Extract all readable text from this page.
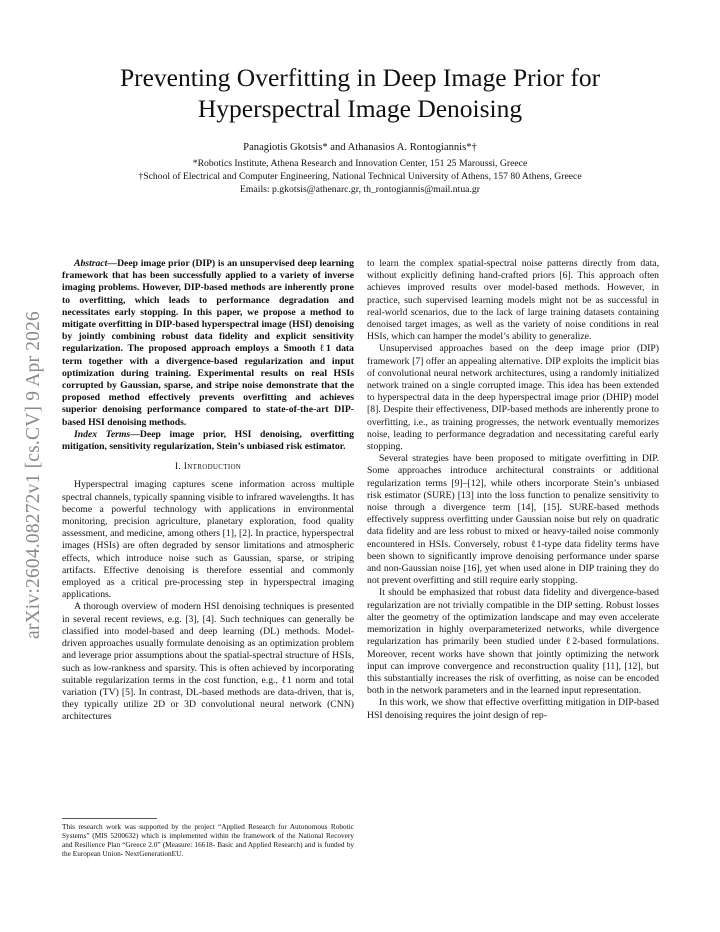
arXiv:2604.08272v1 [cs.CV] 9 Apr 2026
Preventing Overfitting in Deep Image Prior for
Hyperspectral Image Denoising
Panagiotis Gkotsis* and Athanasios A. Rontogiannis*†
*Robotics Institute, Athena Research and Innovation Center, 151 25 Maroussi, Greece
†School of Electrical and Computer Engineering, National Technical University of Athens, 157 80 Athens, Greece
Emails: p.gkotsis@athenarc.gr, th_rontogiannis@mail.ntua.gr

Abstract—Deep image prior (DIP) is an unsupervised deep learning framework that has been successfully applied to a variety of inverse imaging problems. However, DIP-based methods are inherently prone to overfitting, which leads to performance degradation and necessitates early stopping. In this paper, we propose a method to mitigate overfitting in DIP-based hyperspectral image (HSI) denoising by jointly combining robust data fidelity and explicit sensitivity regularization. The proposed approach employs a Smooth ℓ1 data term together with a divergence-based regularization and input optimization during training. Experimental results on real HSIs corrupted by Gaussian, sparse, and stripe noise demonstrate that the proposed method effectively prevents overfitting and achieves superior denoising performance compared to state-of-the-art DIP-based HSI denoising methods.

Index Terms—Deep image prior, HSI denoising, overfitting mitigation, sensitivity regularization, Stein’s unbiased risk estimator.

I. Introduction

Hyperspectral imaging captures scene information across multiple spectral channels, typically spanning visible to infrared wavelengths. It has become a powerful technology with applications in environmental monitoring, precision agriculture, planetary exploration, food quality assessment, and medicine, among others [1], [2]. In practice, hyperspectral images (HSIs) are often degraded by sensor limitations and atmospheric effects, which introduce noise such as Gaussian, sparse, or striping artifacts. Effective denoising is therefore essential and commonly employed as a critical pre-processing step in hyperspectral imaging applications.

A thorough overview of modern HSI denoising techniques is presented in several recent reviews, e.g. [3], [4]. Such techniques can generally be classified into model-based and deep learning (DL) methods. Model-driven approaches usually formulate denoising as an optimization problem and leverage prior assumptions about the spatial-spectral structure of HSIs, such as low-rankness and sparsity. This is often achieved by incorporating suitable regularization terms in the cost function, e.g., ℓ1 norm and total variation (TV) [5]. In contrast, DL-based methods are data-driven, that is, they typically utilize 2D or 3D convolutional neural network (CNN) architectures

to learn the complex spatial-spectral noise patterns directly from data, without explicitly defining hand-crafted priors [6]. This approach often achieves improved results over model-based methods. However, in practice, such supervised learning models might not be as successful in real-world scenarios, due to the lack of large training datasets containing denoised target images, as well as the variety of noise conditions in real HSIs, which can hamper the model’s ability to generalize.

Unsupervised approaches based on the deep image prior (DIP) framework [7] offer an appealing alternative. DIP exploits the implicit bias of convolutional neural network architectures, using a randomly initialized network trained on a single corrupted image. This idea has been extended to hyperspectral data in the deep hyperspectral image prior (DHIP) model [8]. Despite their effectiveness, DIP-based methods are inherently prone to overfitting, i.e., as training progresses, the network eventually memorizes noise, leading to performance degradation and necessitating careful early stopping.

Several strategies have been proposed to mitigate overfitting in DIP. Some approaches introduce architectural constraints or additional regularization terms [9]–[12], while others incorporate Stein’s unbiased risk estimator (SURE) [13] into the loss function to penalize sensitivity to noise through a divergence term [14], [15]. SURE-based methods effectively suppress overfitting under Gaussian noise but rely on quadratic data fidelity and are less robust to mixed or heavy-tailed noise commonly encountered in HSIs. Conversely, robust ℓ1-type data fidelity terms have been shown to significantly improve denoising performance under sparse and non-Gaussian noise [16], yet when used alone in DIP training they do not prevent overfitting and still require early stopping.

It should be emphasized that robust data fidelity and divergence-based regularization are not trivially compatible in the DIP setting. Robust losses alter the geometry of the optimization landscape and may even accelerate memorization in highly overparameterized networks, while divergence regularization has primarily been studied under ℓ2-based formulations. Moreover, recent works have shown that jointly optimizing the network input can improve convergence and reconstruction quality [11], [12], but this substantially increases the risk of overfitting, as noise can be encoded both in the network parameters and in the learned input representation.

In this work, we show that effective overfitting mitigation in DIP-based HSI denoising requires the joint design of rep-

This research work was supported by the project “Applied Research for Autonomous Robotic Systems” (MIS 5200632) which is implemented within the framework of the National Recovery and Resilience Plan “Greece 2.0” (Measure: 16618- Basic and Applied Research) and is funded by the European Union- NextGenerationEU.
